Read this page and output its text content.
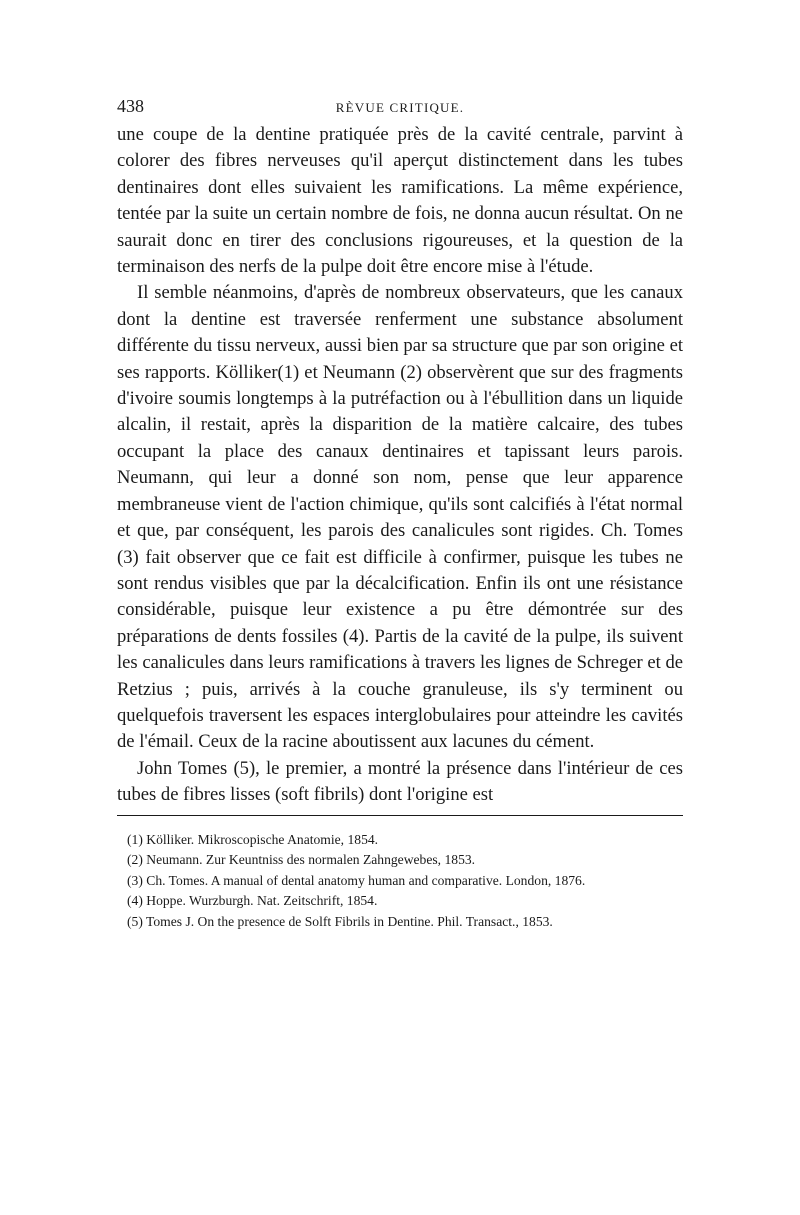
438	RÈVUE CRITIQUE.

une coupe de la dentine pratiquée près de la cavité centrale, parvint à colorer des fibres nerveuses qu'il aperçut distinctement dans les tubes dentinaires dont elles suivaient les ramifications. La même expérience, tentée par la suite un certain nombre de fois, ne donna aucun résultat. On ne saurait donc en tirer des conclusions rigoureuses, et la question de la terminaison des nerfs de la pulpe doit être encore mise à l'étude.

Il semble néanmoins, d'après de nombreux observateurs, que les canaux dont la dentine est traversée renferment une substance absolument différente du tissu nerveux, aussi bien par sa structure que par son origine et ses rapports. Kölliker(1) et Neumann (2) observèrent que sur des fragments d'ivoire soumis longtemps à la putréfaction ou à l'ébullition dans un liquide alcalin, il restait, après la disparition de la matière calcaire, des tubes occupant la place des canaux dentinaires et tapissant leurs parois. Neumann, qui leur a donné son nom, pense que leur apparence membraneuse vient de l'action chimique, qu'ils sont calcifiés à l'état normal et que, par conséquent, les parois des canalicules sont rigides. Ch. Tomes (3) fait observer que ce fait est difficile à confirmer, puisque les tubes ne sont rendus visibles que par la décalcification. Enfin ils ont une résistance considérable, puisque leur existence a pu être démontrée sur des préparations de dents fossiles (4). Partis de la cavité de la pulpe, ils suivent les canalicules dans leurs ramifications à travers les lignes de Schreger et de Retzius ; puis, arrivés à la couche granuleuse, ils s'y terminent ou quelquefois traversent les espaces interglobulaires pour atteindre les cavités de l'émail. Ceux de la racine aboutissent aux lacunes du cément.

John Tomes (5), le premier, a montré la présence dans l'intérieur de ces tubes de fibres lisses (soft fibrils) dont l'origine est

(1) Kölliker. Mikroscopische Anatomie, 1854.

(2) Neumann. Zur Keuntniss des normalen Zahngewebes, 1853.

(3) Ch. Tomes. A manual of dental anatomy human and comparative. London, 1876.

(4) Hoppe. Wurzburgh. Nat. Zeitschrift, 1854.

(5) Tomes J. On the presence de Solft Fibrils in Dentine. Phil. Transact., 1853.
